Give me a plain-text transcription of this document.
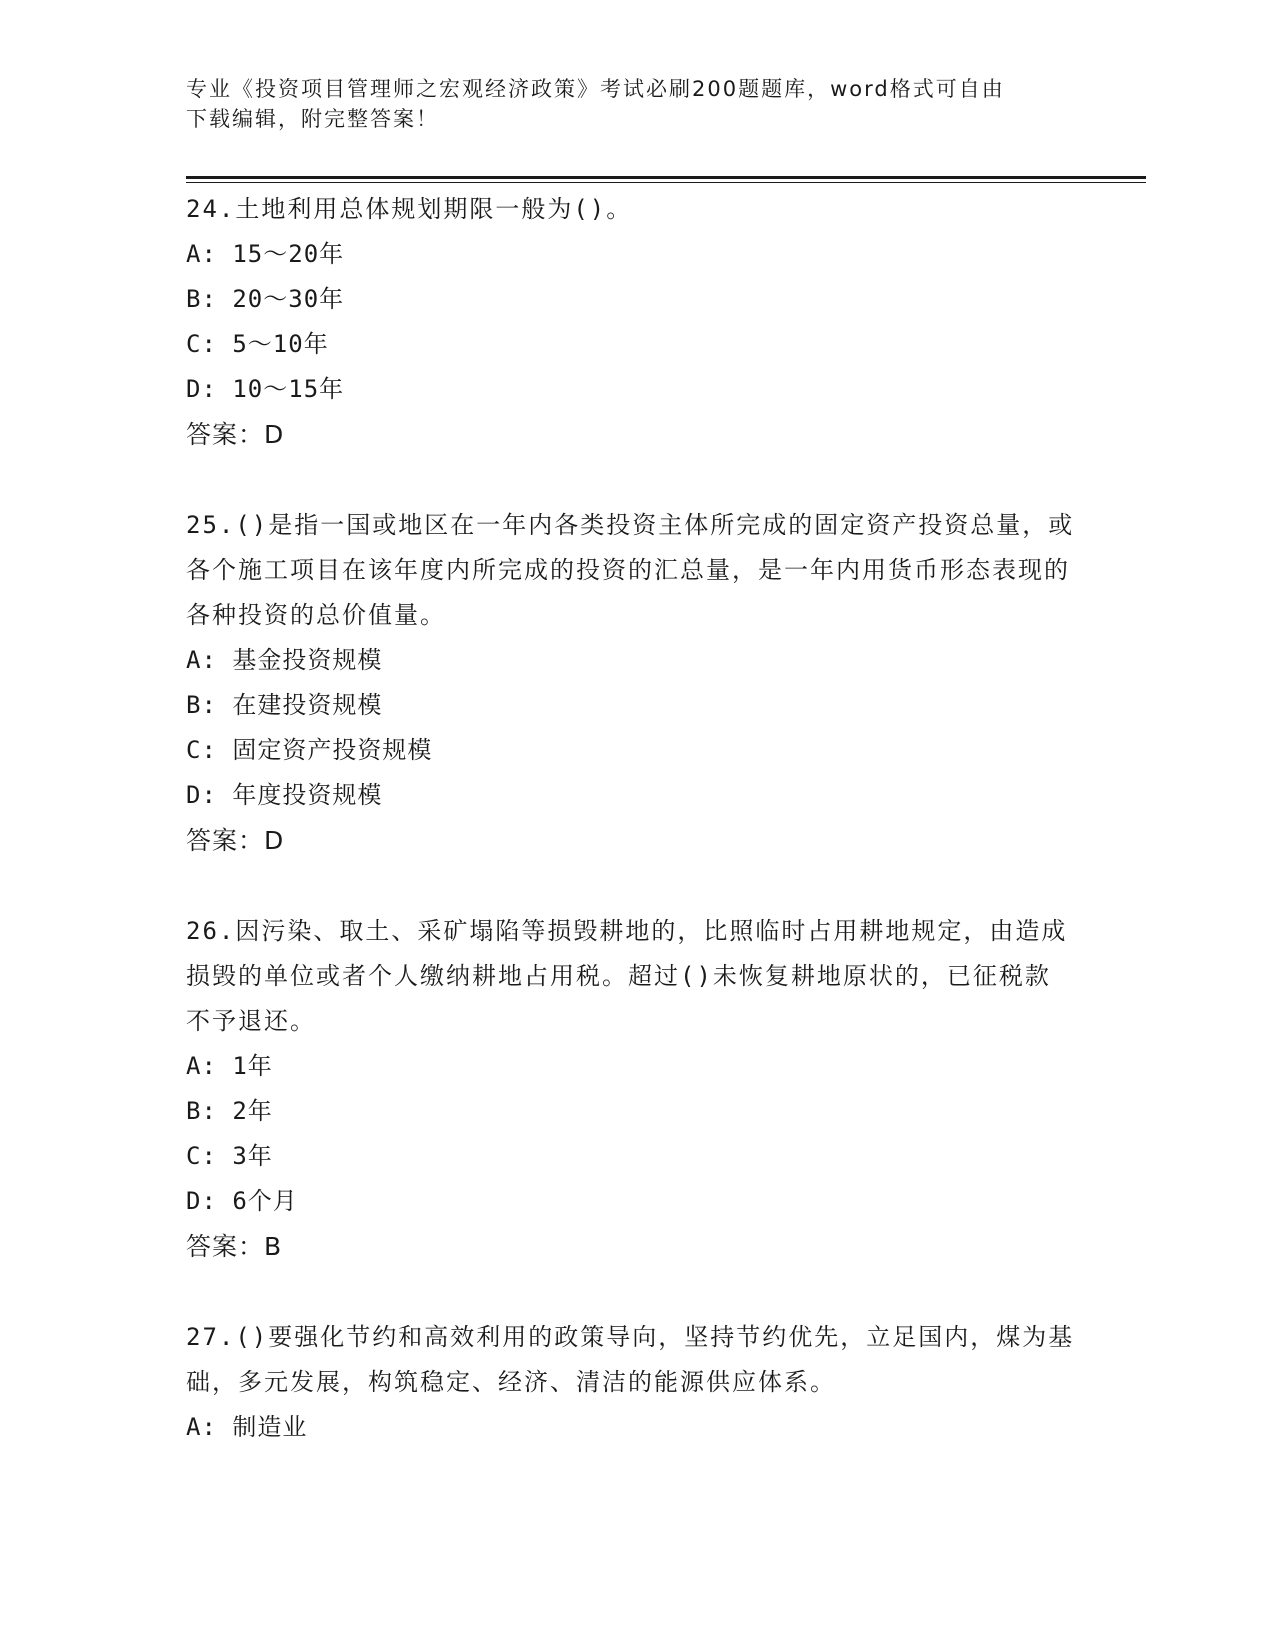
专业《投资项目管理师之宏观经济政策》考试必刷200题题库，word格式可自由
下载编辑，附完整答案！
24.土地利用总体规划期限一般为()。
A: 15～20年
B: 20～30年
C: 5～10年
D: 10～15年
答案：D
25.()是指一国或地区在一年内各类投资主体所完成的固定资产投资总量，或各个施工项目在该年度内所完成的投资的汇总量，是一年内用货币形态表现的各种投资的总价值量。
A: 基金投资规模
B: 在建投资规模
C: 固定资产投资规模
D: 年度投资规模
答案：D
26.因污染、取土、采矿塌陷等损毁耕地的，比照临时占用耕地规定，由造成损毁的单位或者个人缴纳耕地占用税。超过()未恢复耕地原状的，已征税款不予退还。
A: 1年
B: 2年
C: 3年
D: 6个月
答案：B
27.()要强化节约和高效利用的政策导向，坚持节约优先，立足国内，煤为基础，多元发展，构筑稳定、经济、清洁的能源供应体系。
A: 制造业
